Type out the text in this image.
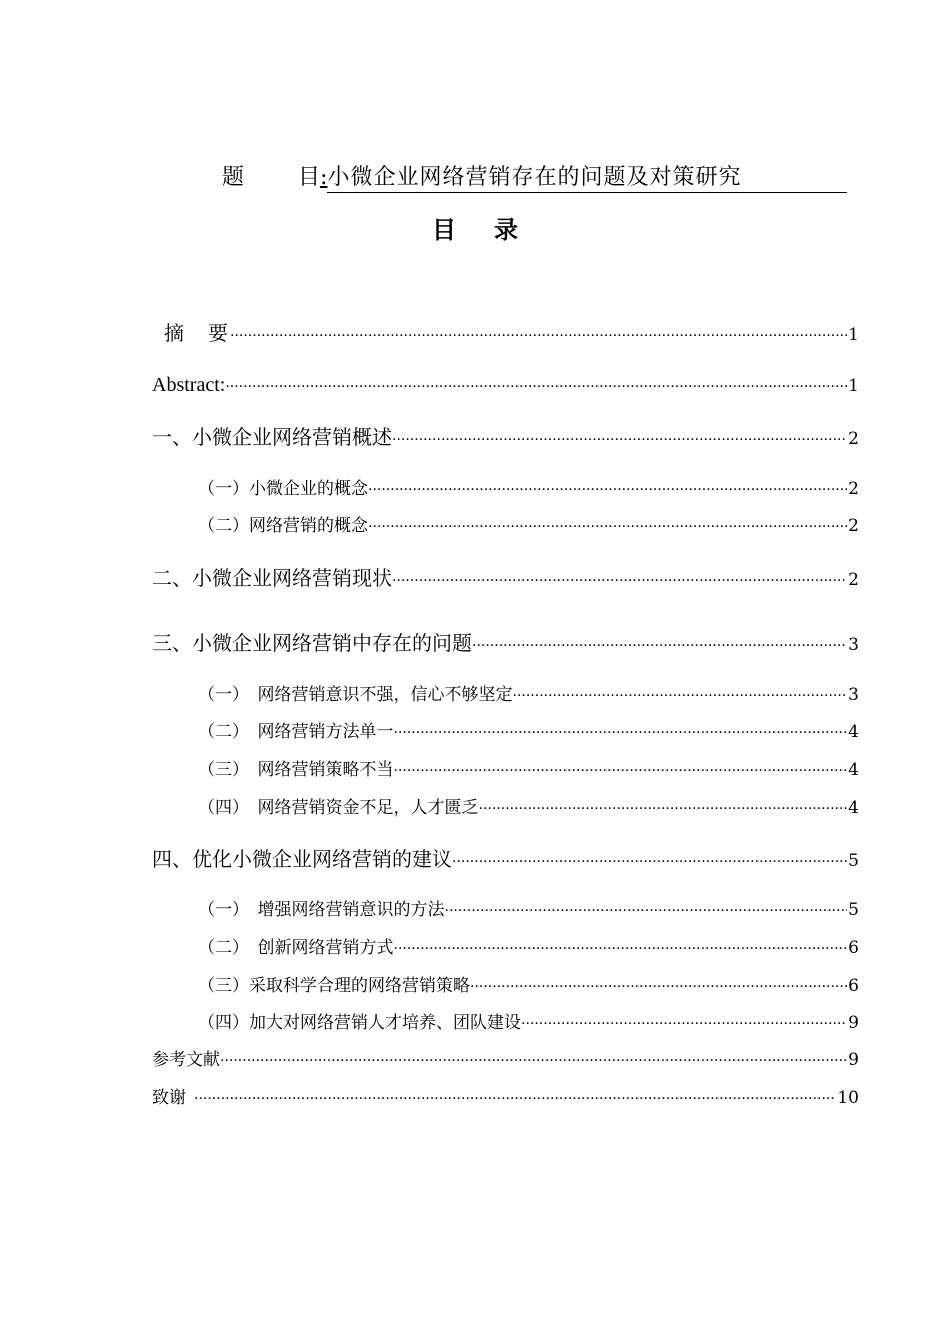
题 目:小微企业网络营销存在的问题及对策研究
目录
摘　要 ·····	1
Abstract: ·····	1
一、小微企业网络营销概述 ·····	2
（一）小微企业的概念 ·····	2
（二）网络营销的概念 ·····	2
二、小微企业网络营销现状 ·····	2
三、小微企业网络营销中存在的问题 ·····	3
（一）　网络营销意识不强，信心不够坚定 ·····	3
（二）　网络营销方法单一 ·····	4
（三）　网络营销策略不当 ·····	4
（四）　网络营销资金不足，人才匮乏 ·····	4
四、优化小微企业网络营销的建议 ·····	5
（一）　增强网络营销意识的方法 ·····	5
（二）　创新网络营销方式 ·····	6
（三）采取科学合理的网络营销策略 ·····	6
（四）加大对网络营销人才培养、团队建设 ·····	9
参考文献 ·····	9
致谢 ·····	10
